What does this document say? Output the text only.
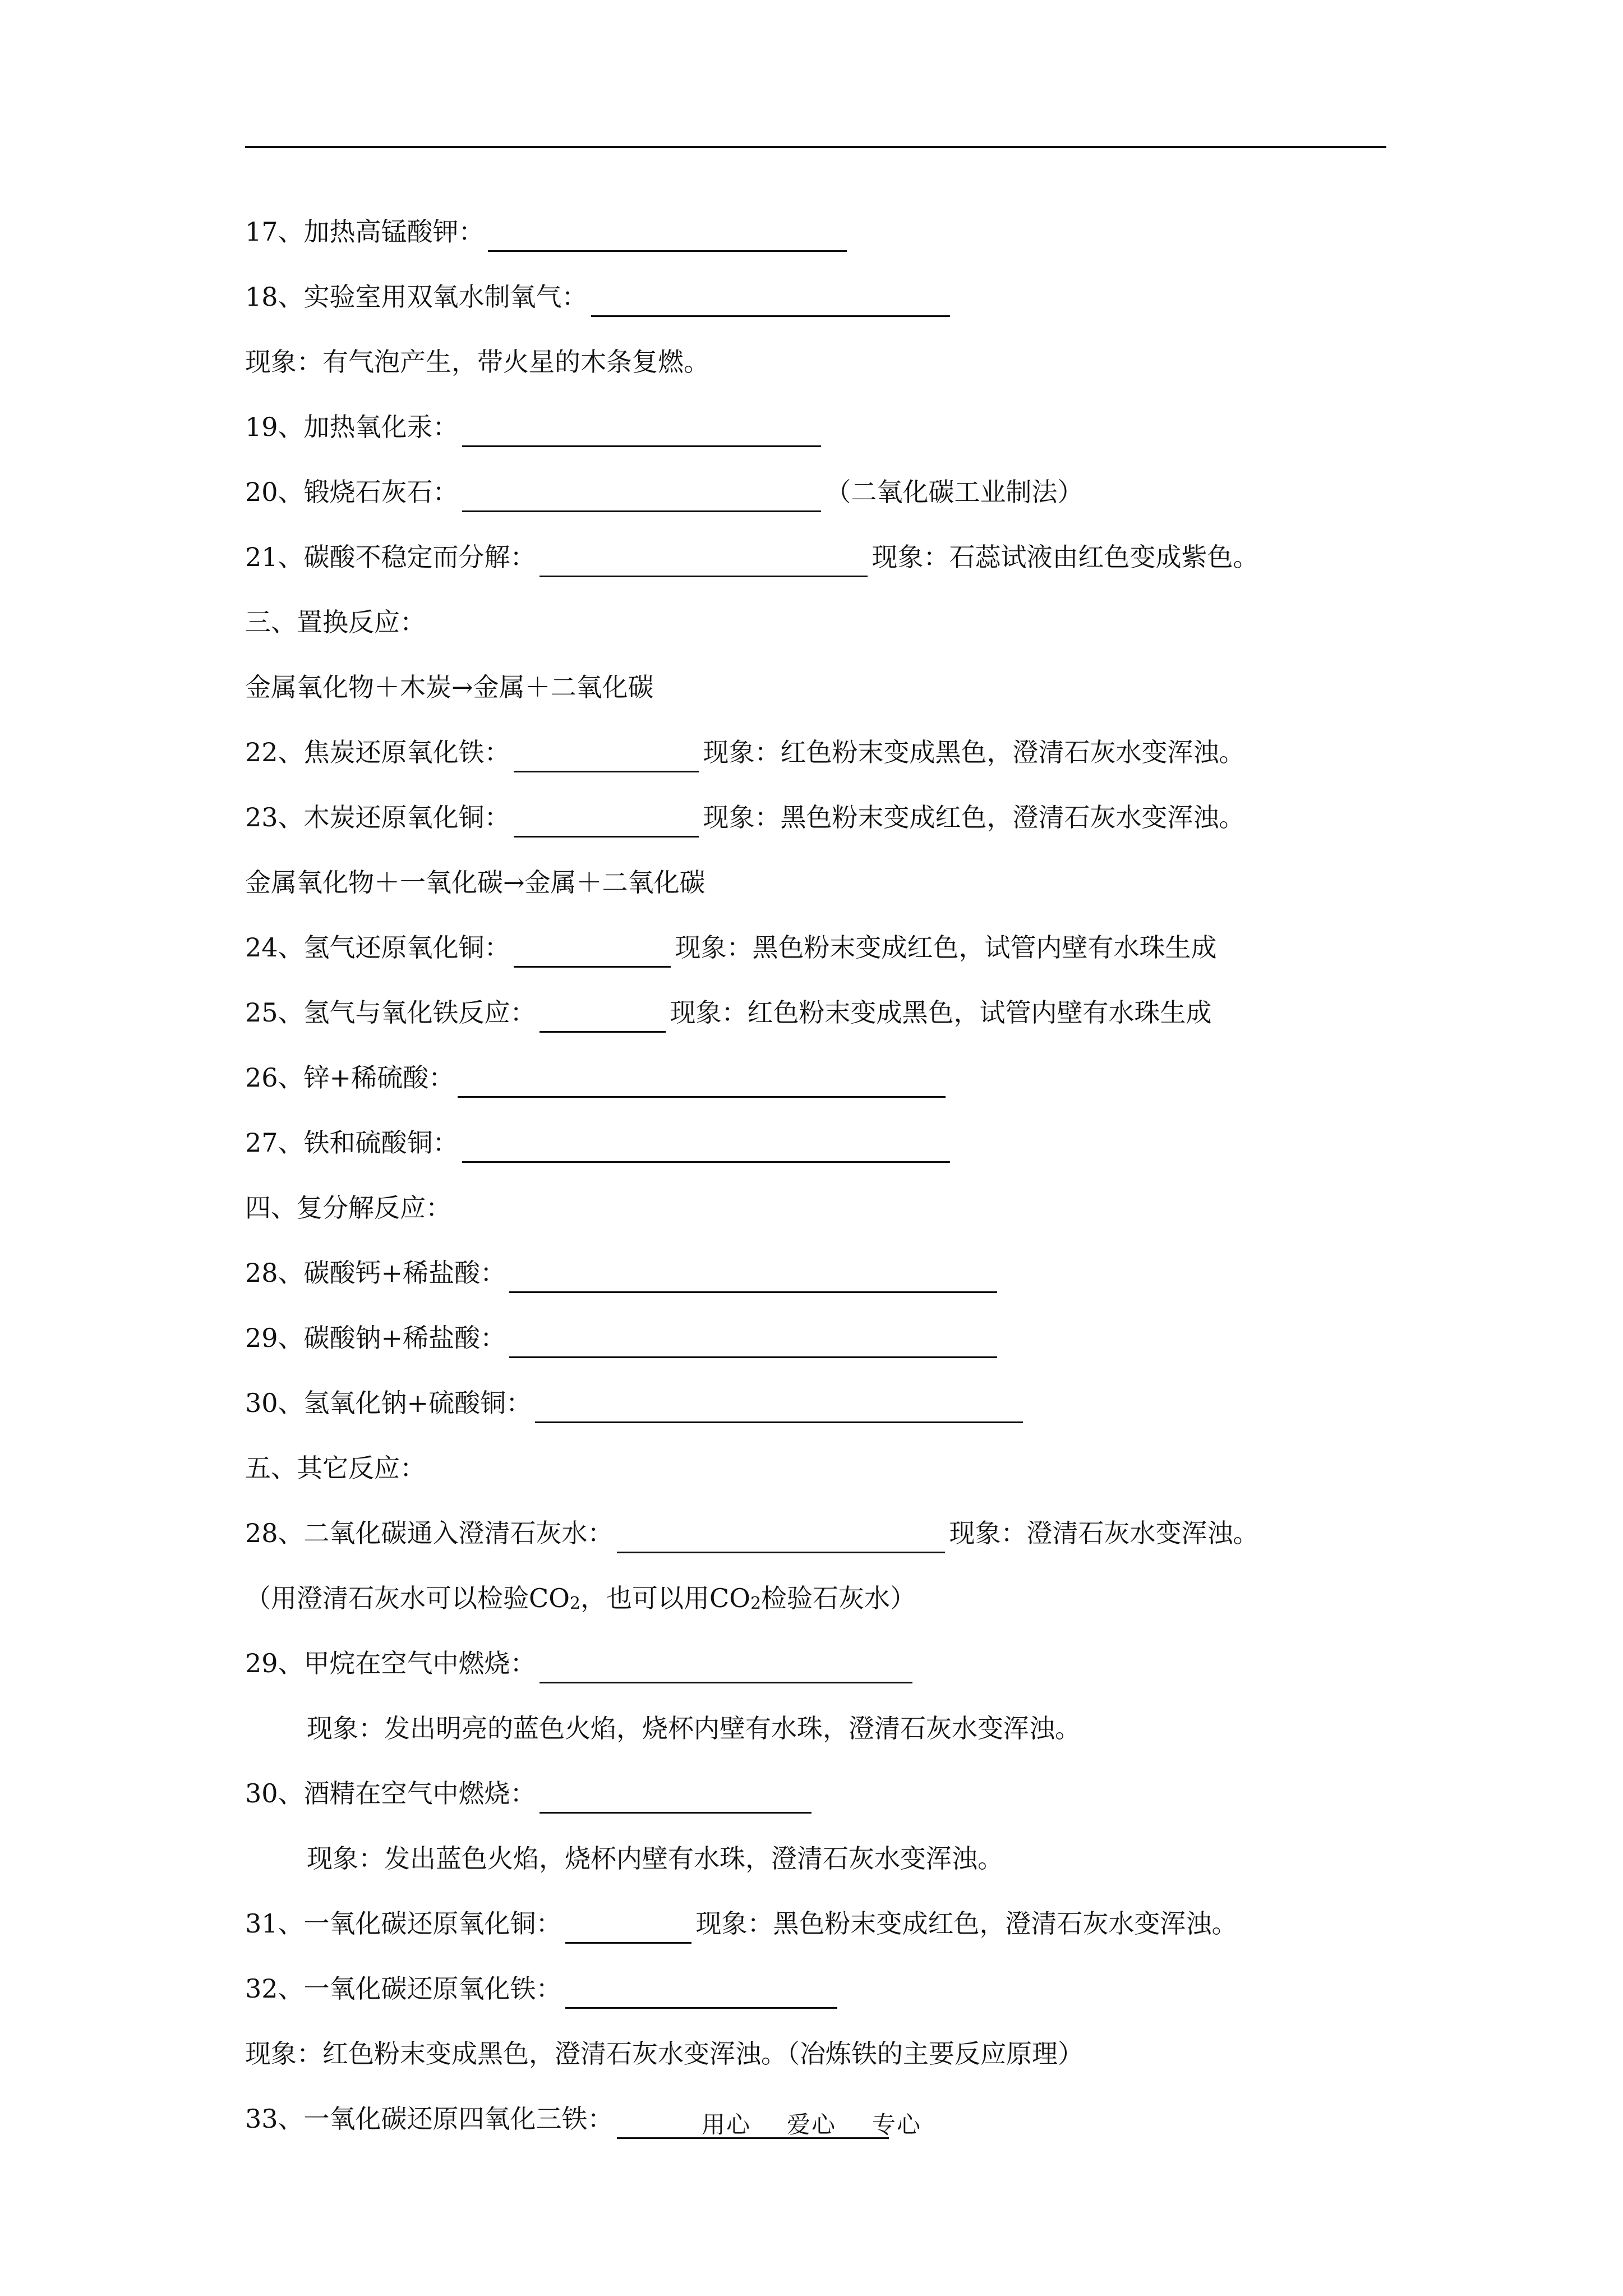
17、加热高锰酸钾：
18、实验室用双氧水制氧气：
现象：有气泡产生，带火星的木条复燃。
19、加热氧化汞：
20、锻烧石灰石：	（二氧化碳工业制法）
21、碳酸不稳定而分解：	现象：石蕊试液由红色变成紫色。
三、置换反应：
金属氧化物＋木炭→金属＋二氧化碳
22、焦炭还原氧化铁：	现象：红色粉末变成黑色，澄清石灰水变浑浊。
23、木炭还原氧化铜：	现象：黑色粉末变成红色，澄清石灰水变浑浊。
金属氧化物＋一氧化碳→金属＋二氧化碳
24、氢气还原氧化铜：	现象：黑色粉末变成红色，试管内壁有水珠生成
25、氢气与氧化铁反应：	现象：红色粉末变成黑色，试管内壁有水珠生成
26、锌+稀硫酸：
27、铁和硫酸铜：
四、复分解反应：
28、碳酸钙+稀盐酸：
29、碳酸钠+稀盐酸：
30、氢氧化钠+硫酸铜：
五、其它反应：
28、二氧化碳通入澄清石灰水：	现象：澄清石灰水变浑浊。
（用澄清石灰水可以检验$CO_2$ ，也可以用$CO_2$ 检验石灰水）
29、甲烷在空气中燃烧：
现象：发出明亮的蓝色火焰，烧杯内壁有水珠，澄清石灰水变浑浊。
30、酒精在空气中燃烧：
现象：发出蓝色火焰，烧杯内壁有水珠，澄清石灰水变浑浊。
31、一氧化碳还原氧化铜：	现象：黑色粉末变成红色，澄清石灰水变浑浊。
32、一氧化碳还原氧化铁：
现象：红色粉末变成黑色，澄清石灰水变浑浊。（冶炼铁的主要反应原理）
33、一氧化碳还原四氧化三铁：	用心 爱心 专心
